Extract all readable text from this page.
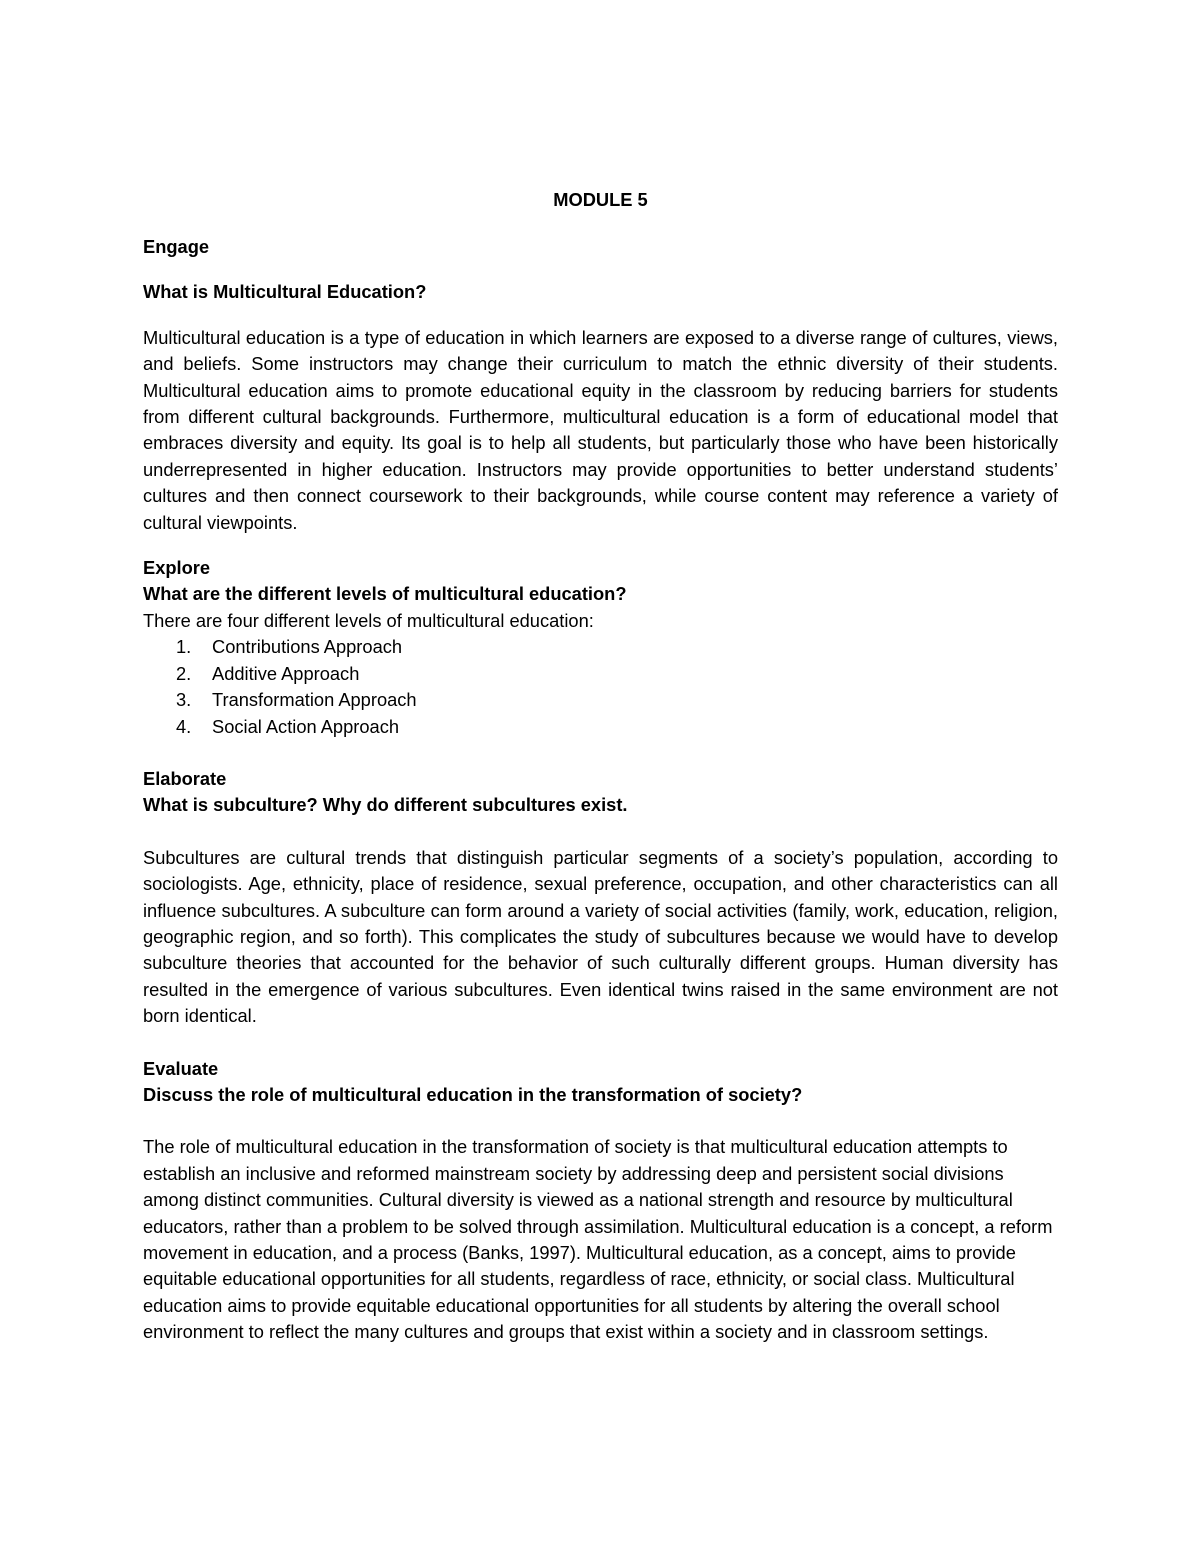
MODULE 5
Engage
What is Multicultural Education?

Multicultural education is a type of education in which learners are exposed to a diverse range of cultures, views, and beliefs. Some instructors may change their curriculum to match the ethnic diversity of their students. Multicultural education aims to promote educational equity in the classroom by reducing barriers for students from different cultural backgrounds. Furthermore, multicultural education is a form of educational model that embraces diversity and equity. Its goal is to help all students, but particularly those who have been historically underrepresented in higher education. Instructors may provide opportunities to better understand students’ cultures and then connect coursework to their backgrounds, while course content may reference a variety of cultural viewpoints.

Explore
What are the different levels of multicultural education?
There are four different levels of multicultural education:
1. Contributions Approach
2. Additive Approach
3. Transformation Approach
4. Social Action Approach
Elaborate
What is subculture? Why do different subcultures exist.

Subcultures are cultural trends that distinguish particular segments of a society’s population, according to sociologists. Age, ethnicity, place of residence, sexual preference, occupation, and other characteristics can all influence subcultures. A subculture can form around a variety of social activities (family, work, education, religion, geographic region, and so forth). This complicates the study of subcultures because we would have to develop subculture theories that accounted for the behavior of such culturally different groups. Human diversity has resulted in the emergence of various subcultures. Even identical twins raised in the same environment are not born identical.

Evaluate
Discuss the role of multicultural education in the transformation of society?

The role of multicultural education in the transformation of society is that multicultural education attempts to establish an inclusive and reformed mainstream society by addressing deep and persistent social divisions among distinct communities. Cultural diversity is viewed as a national strength and resource by multicultural educators, rather than a problem to be solved through assimilation. Multicultural education is a concept, a reform movement in education, and a process (Banks, 1997). Multicultural education, as a concept, aims to provide equitable educational opportunities for all students, regardless of race, ethnicity, or social class. Multicultural education aims to provide equitable educational opportunities for all students by altering the overall school environment to reflect the many cultures and groups that exist within a society and in classroom settings.
